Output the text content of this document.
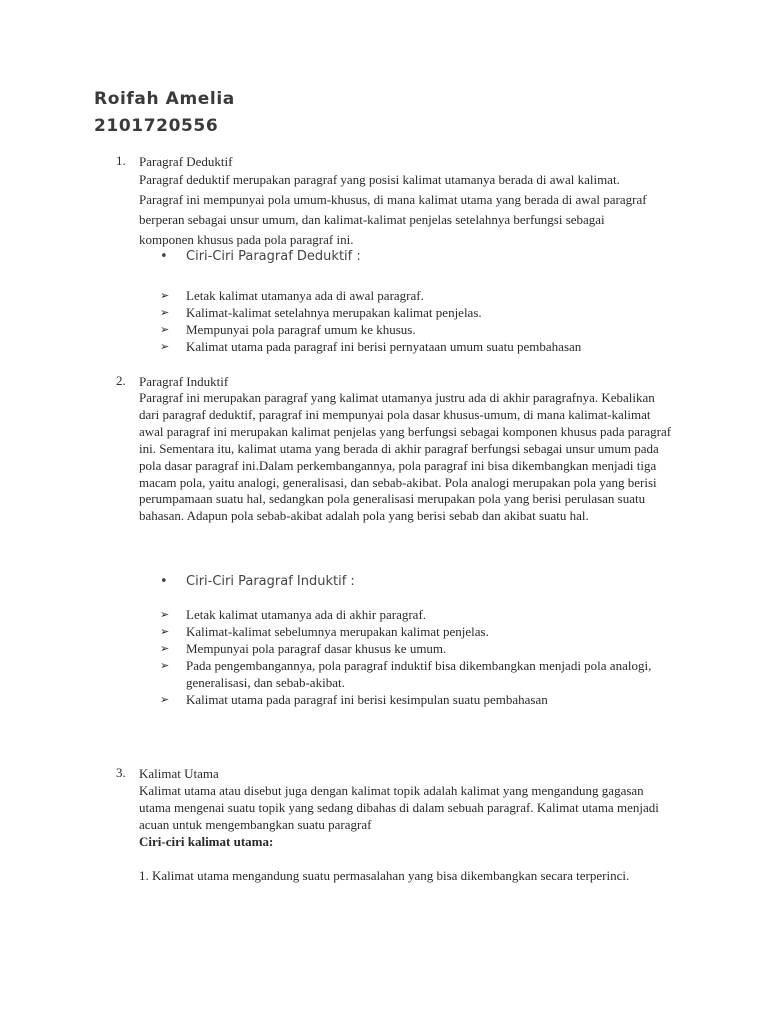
Roifah Amelia
2101720556
1. Paragraf Deduktif
Paragraf deduktif merupakan paragraf yang posisi kalimat utamanya berada di awal kalimat. Paragraf ini mempunyai pola umum-khusus, di mana kalimat utama yang berada di awal paragraf berperan sebagai unsur umum, dan kalimat-kalimat penjelas setelahnya berfungsi sebagai komponen khusus pada pola paragraf ini.
• Ciri-Ciri Paragraf Deduktif :
➢	Letak kalimat utamanya ada di awal paragraf.
➢	Kalimat-kalimat setelahnya merupakan kalimat penjelas.
➢	Mempunyai pola paragraf umum ke khusus.
➢	Kalimat utama pada paragraf ini berisi pernyataan umum suatu pembahasan
2. Paragraf Induktif
Paragraf ini merupakan paragraf yang kalimat utamanya justru ada di akhir paragrafnya. Kebalikan dari paragraf deduktif, paragraf ini mempunyai pola dasar khusus-umum, di mana kalimat-kalimat awal paragraf ini merupakan kalimat penjelas yang berfungsi sebagai komponen khusus pada paragraf ini. Sementara itu, kalimat utama yang berada di akhir paragraf berfungsi sebagai unsur umum pada pola dasar paragraf ini.Dalam perkembangannya, pola paragraf ini bisa dikembangkan menjadi tiga macam pola, yaitu analogi, generalisasi, dan sebab-akibat. Pola analogi merupakan pola yang berisi perumpamaan suatu hal, sedangkan pola generalisasi merupakan pola yang berisi perulasan suatu bahasan. Adapun pola sebab-akibat adalah pola yang berisi sebab dan akibat suatu hal.
• Ciri-Ciri Paragraf Induktif :
➢	Letak kalimat utamanya ada di akhir paragraf.
➢	Kalimat-kalimat sebelumnya merupakan kalimat penjelas.
➢	Mempunyai pola paragraf dasar khusus ke umum.
➢	Pada pengembangannya, pola paragraf induktif bisa dikembangkan menjadi pola analogi, generalisasi, dan sebab-akibat.
➢	Kalimat utama pada paragraf ini berisi kesimpulan suatu pembahasan
3. Kalimat Utama
Kalimat utama atau disebut juga dengan kalimat topik adalah kalimat yang mengandung gagasan utama mengenai suatu topik yang sedang dibahas di dalam sebuah paragraf. Kalimat utama menjadi acuan untuk mengembangkan suatu paragraf
Ciri-ciri kalimat utama:
1. Kalimat utama mengandung suatu permasalahan yang bisa dikembangkan secara terperinci.
